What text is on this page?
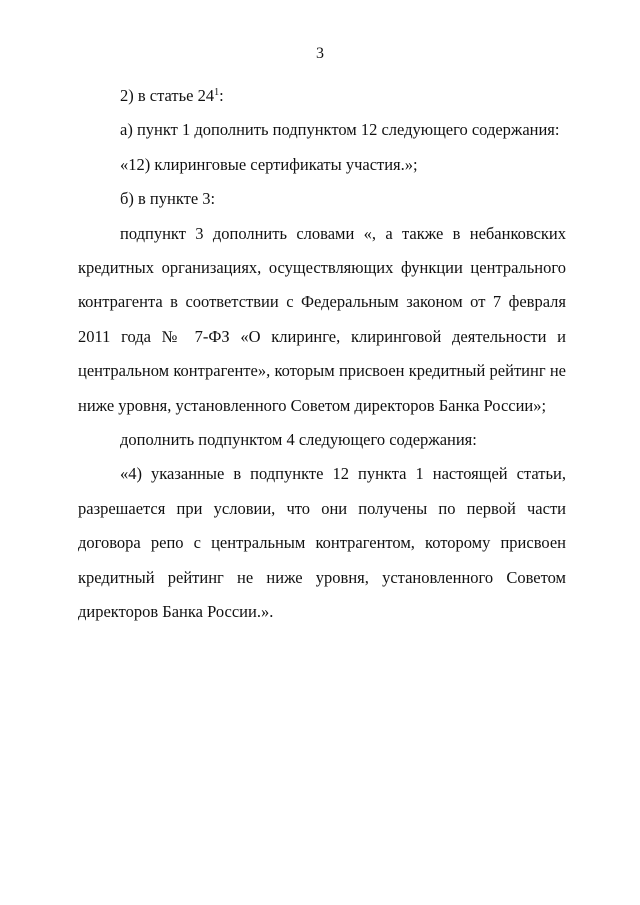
3

2) в статье $24^1$:

а) пункт 1 дополнить подпунктом 12 следующего содержания:

«12) клиринговые сертификаты участия.»;

б) в пункте 3:

подпункт 3 дополнить словами «, а также в небанковских кредитных организациях, осуществляющих функции центрального контрагента в соответствии с Федеральным законом от 7 февраля 2011 года № 7-ФЗ «О клиринге, клиринговой деятельности и центральном контрагенте», которым присвоен кредитный рейтинг не ниже уровня, установленного Советом директоров Банка России»;

дополнить подпунктом 4 следующего содержания:

«4) указанные в подпункте 12 пункта 1 настоящей статьи, разрешается при условии, что они получены по первой части договора репо с центральным контрагентом, которому присвоен кредитный рейтинг не ниже уровня, установленного Советом директоров Банка России.».
